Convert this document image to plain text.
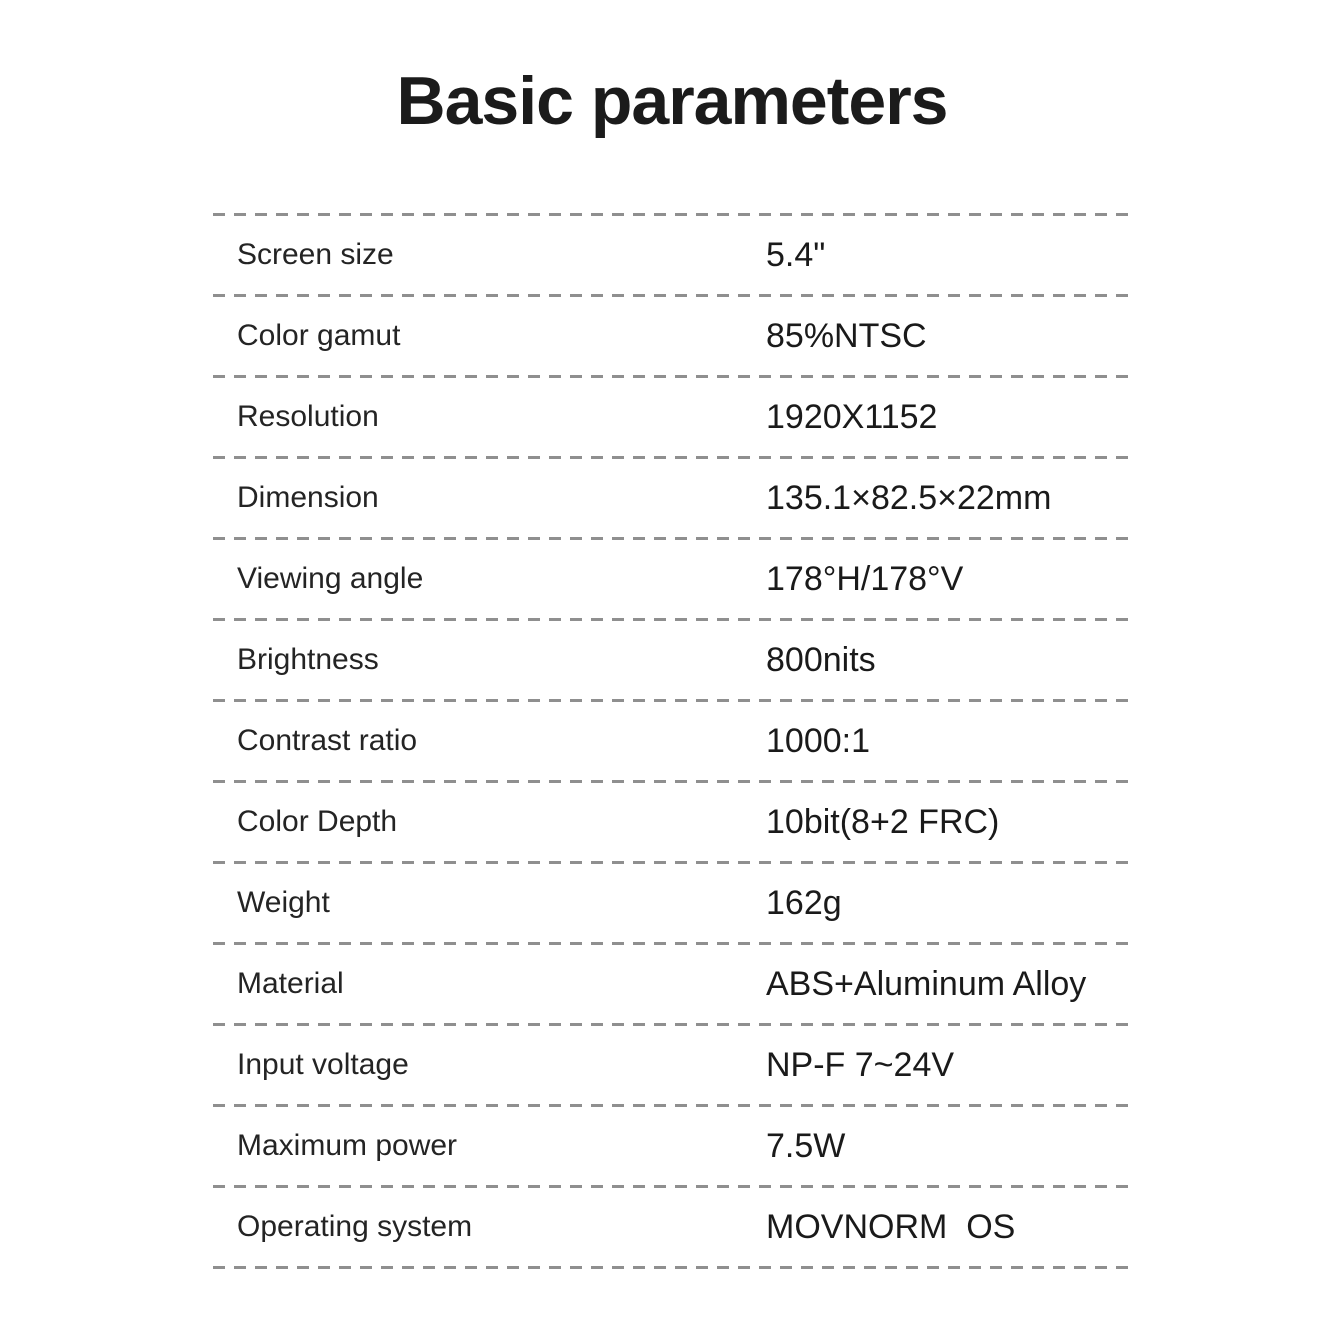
Basic parameters
Screen size	5.4"
Color gamut	85%NTSC
Resolution	1920X1152
Dimension	135.1×82.5×22mm
Viewing angle	178°H/178°V
Brightness	800nits
Contrast ratio	1000:1
Color Depth	10bit(8+2 FRC)
Weight	162g
Material	ABS+Aluminum Alloy
Input voltage	NP-F 7~24V
Maximum power	7.5W
Operating system	MOVNORM  OS
